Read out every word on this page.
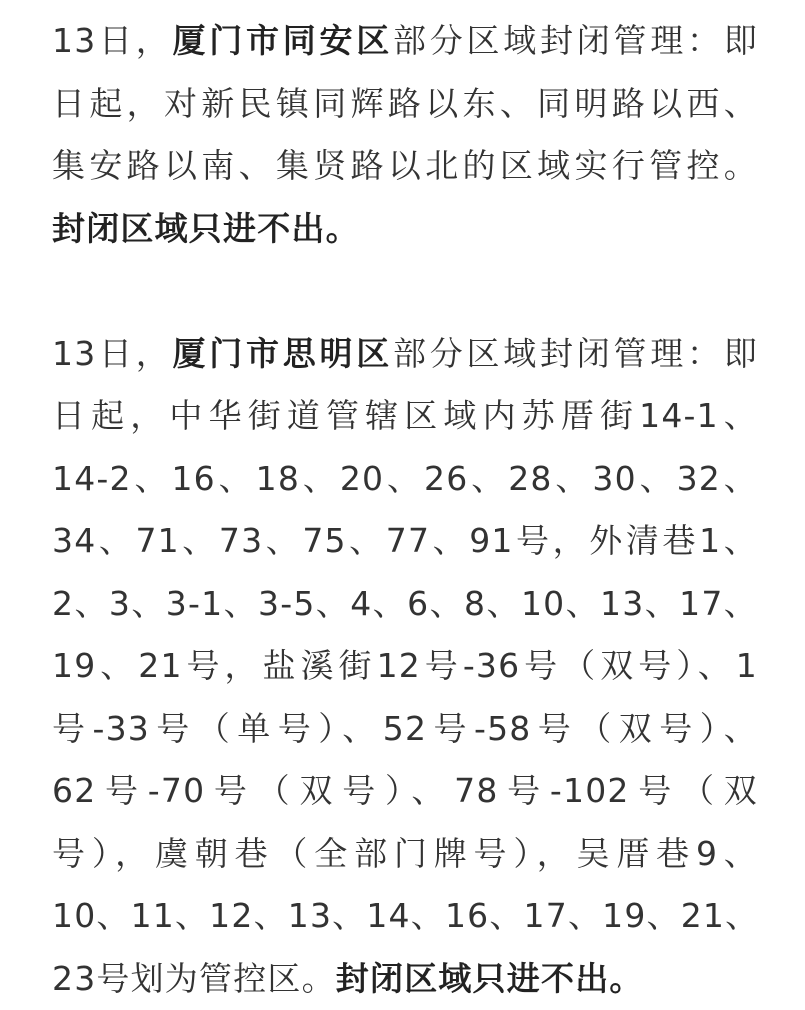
13日，厦门市同安区部分区域封闭管理：即
日起，对新民镇同辉路以东、同明路以西、
集安路以南、集贤路以北的区域实行管控。
封闭区域只进不出。
13日，厦门市思明区部分区域封闭管理：即
日起，中华街道管辖区域内苏厝街14-1、
14-2、16、18、20、26、28、30、32、
34、71、73、75、77、91号，外清巷1、
2、3、3-1、3-5、4、6、8、10、13、17、
19、21号，盐溪街12号-36号（双号）、1
号-33号（单号）、52号-58号（双号）、
62号-70号（双号）、78号-102号（双
号），虞朝巷（全部门牌号），吴厝巷9、
10、11、12、13、14、16、17、19、21、
23号划为管控区。封闭区域只进不出。
